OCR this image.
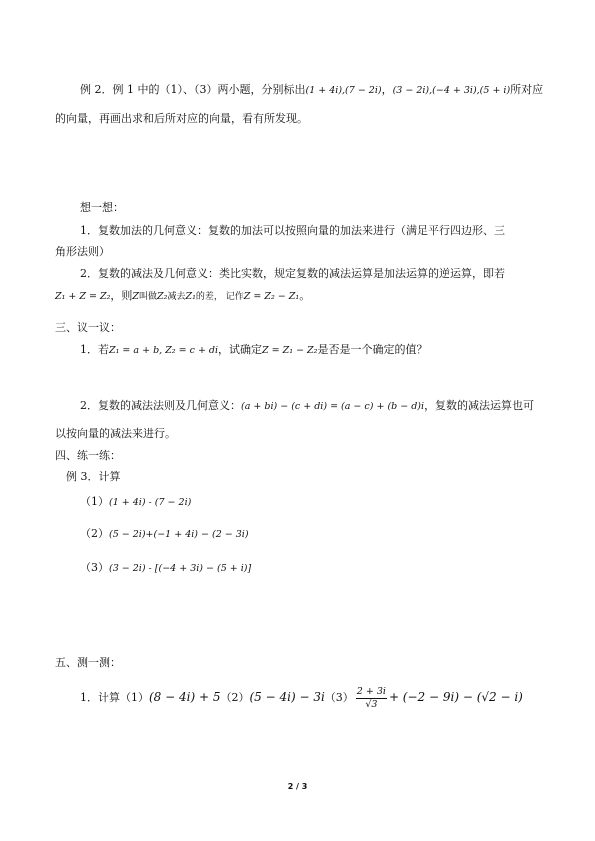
例 2．例 1 中的（1）、（3）两小题，分别标出(1 + 4i),(7 − 2i)，(3 − 2i),(−4 + 3i),(5 + i)所对应
的向量，再画出求和后所对应的向量，看有所发现。
想一想：
1．复数加法的几何意义：复数的加法可以按照向量的加法来进行（满足平行四边形、三
角形法则）
2．复数的减法及几何意义：类比实数，规定复数的减法运算是加法运算的逆运算，即若
Z₁ + Z = Z₂，则Z叫做Z₂减去Z₁的差， 记作Z = Z₂ − Z₁。
三、议一议：
1．若Z₁ = a + b, Z₂ = c + di，试确定Z = Z₁ − Z₂是否是一个确定的值？
2．复数的减法法则及几何意义：(a + bi) − (c + di) = (a − c) + (b − d)i，复数的减法运算也可
以按向量的减法来进行。
四、练一练：
例 3．计算
（1）(1 + 4i) - (7 − 2i)
（2）(5 − 2i)+(−1 + 4i) − (2 − 3i)
（3）(3 − 2i) - [(−4 + 3i) − (5 + i)]
五、测一测：
1．计算$(1)(8 - 4i) + 5(2)(5 - 4i) - 3i(3) \frac{2 + 3i}{√3} + (-2 - 9i) - (√2 - i)$
2 / 3
